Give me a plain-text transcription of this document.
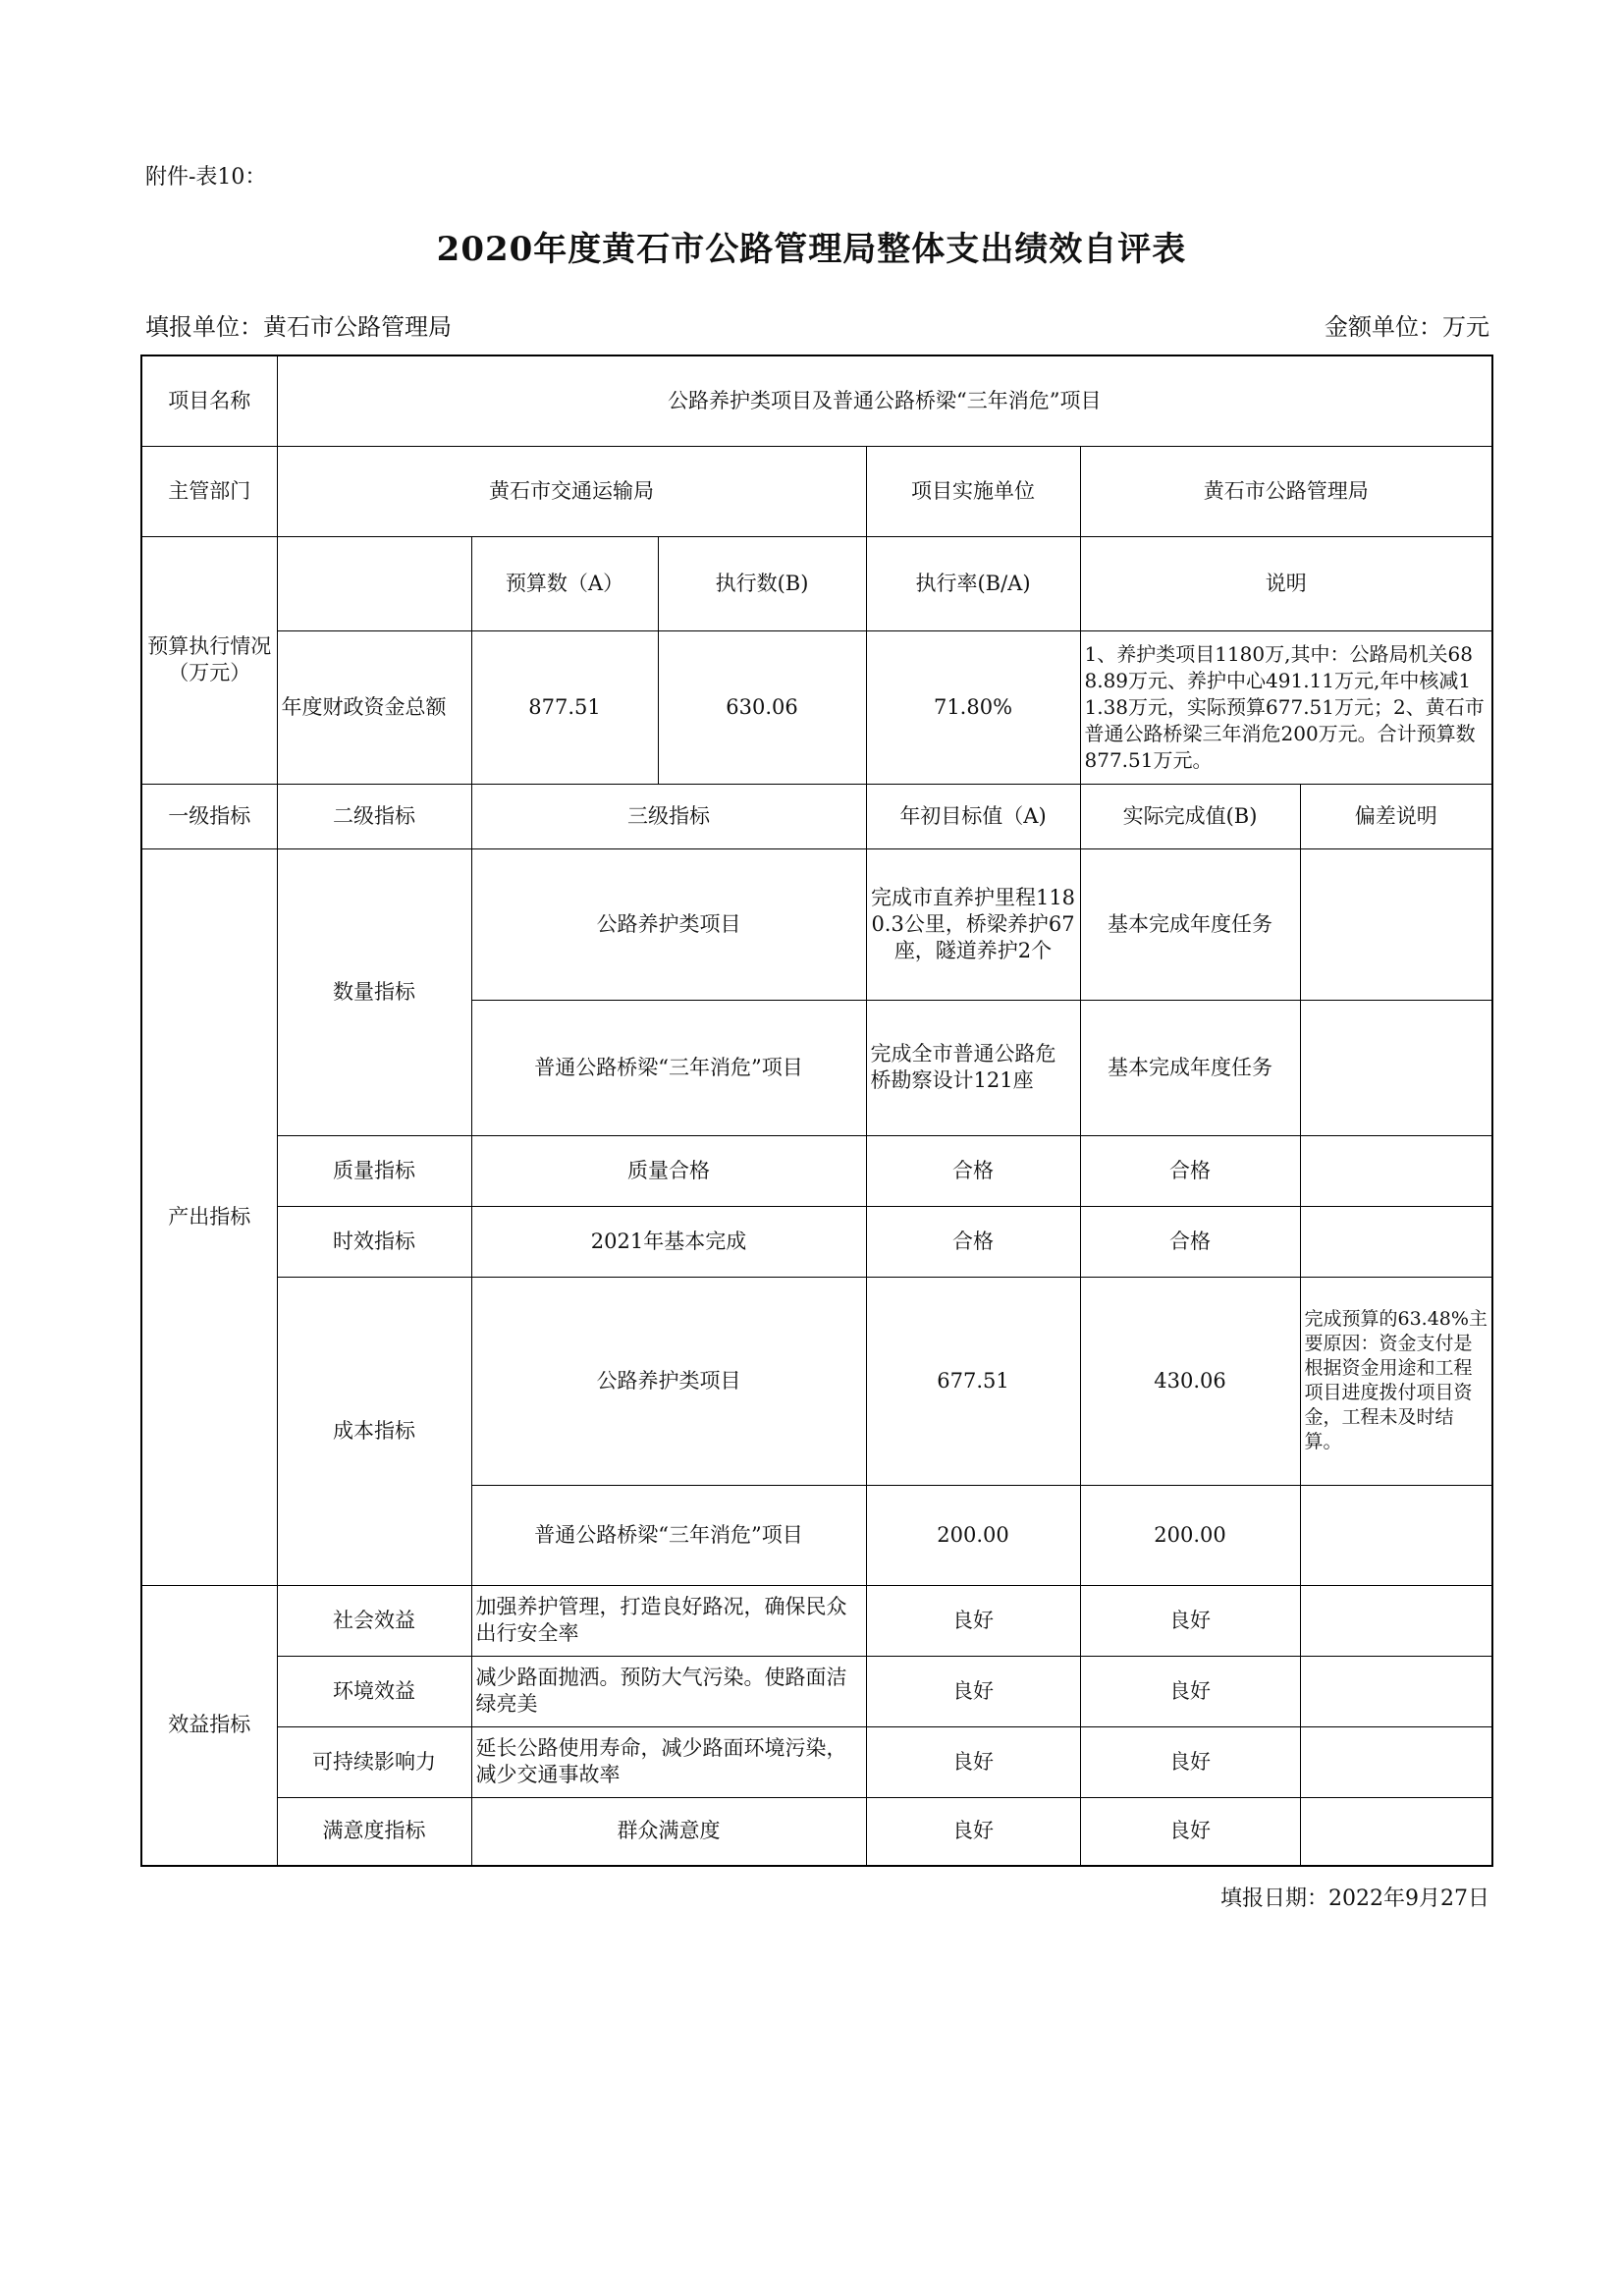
附件-表10：
2020年度黄石市公路管理局整体支出绩效自评表
填报单位：黄石市公路管理局	金额单位：万元
项目名称	公路养护类项目及普通公路桥梁“三年消危”项目					
主管部门	黄石市交通运输局			项目实施单位	黄石市公路管理局	
预算执行情况（万元）		预算数（A）	执行数(B)	执行率(B/A)	说明	
	年度财政资金总额	877.51	630.06	71.80%	1、养护类项目1180万,其中：公路局机关688.89万元、养护中心491.11万元,年中核减11.38万元，实际预算677.51万元；2、黄石市普通公路桥梁三年消危200万元。合计预算数877.51万元。	
一级指标	二级指标	三级指标		年初目标值（A)	实际完成值(B)	偏差说明
产出指标	数量指标	公路养护类项目		完成市直养护里程1180.3公里，桥梁养护67座，隧道养护2个	基本完成年度任务	
		普通公路桥梁“三年消危”项目		完成全市普通公路危桥勘察设计121座	基本完成年度任务	
	质量指标	质量合格		合格	合格	
	时效指标	2021年基本完成		合格	合格	
	成本指标	公路养护类项目		677.51	430.06	完成预算的63.48%主要原因：资金支付是根据资金用途和工程项目进度拨付项目资金，工程未及时结算。
		普通公路桥梁“三年消危”项目		200.00	200.00	
效益指标	社会效益	加强养护管理，打造良好路况，确保民众出行安全率		良好	良好	
	环境效益	减少路面抛洒。预防大气污染。使路面洁绿亮美		良好	良好	
	可持续影响力	延长公路使用寿命，减少路面环境污染，减少交通事故率		良好	良好	
	满意度指标	群众满意度		良好	良好	
填报日期：2022年9月27日
